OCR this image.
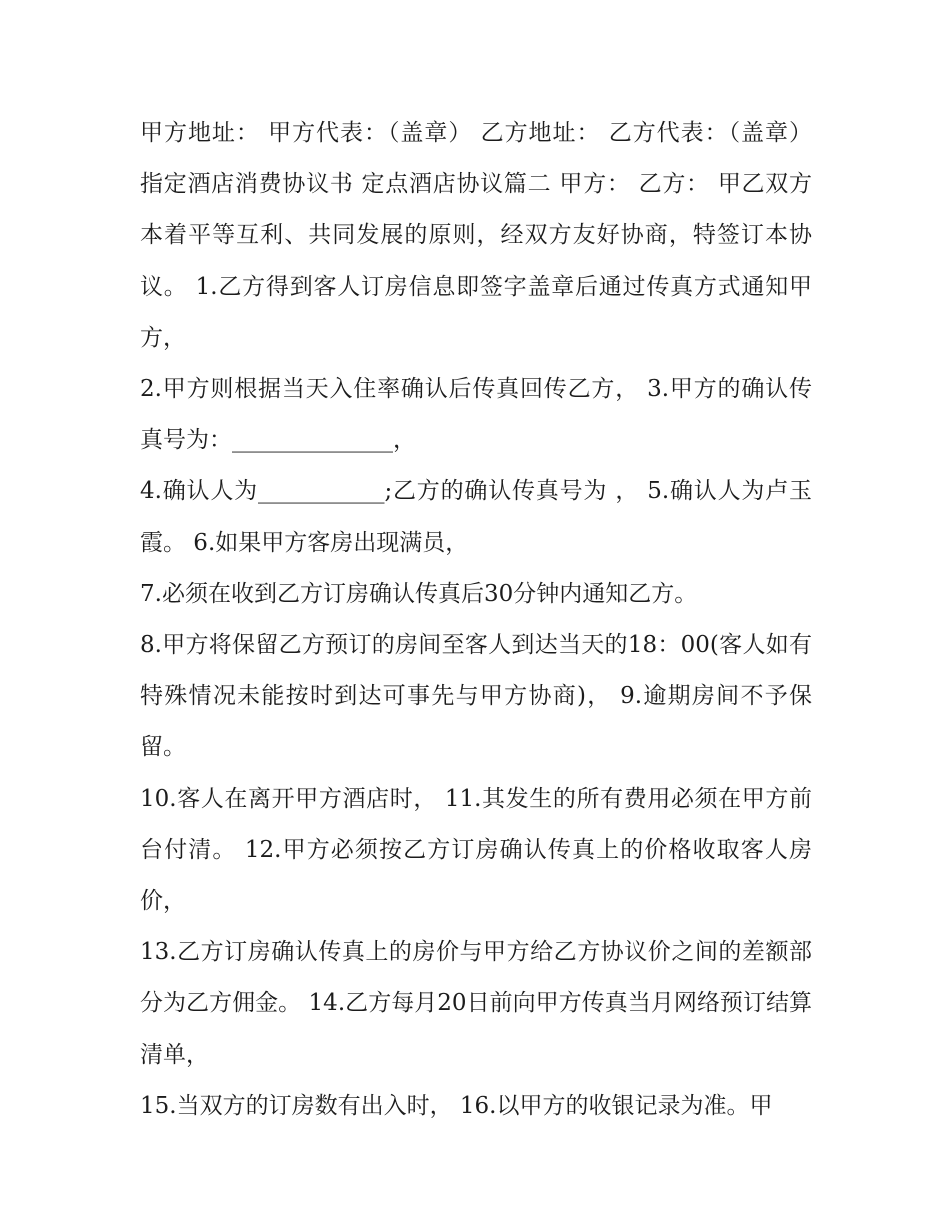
甲方地址： 甲方代表：（盖章） 乙方地址： 乙方代表：（盖章） 指定酒店消费协议书 定点酒店协议篇二 甲方： 乙方： 甲乙双方本着平等互利、共同发展的原则，经双方友好协商，特签订本协议。 1.乙方得到客人订房信息即签字盖章后通过传真方式通知甲方，

2.甲方则根据当天入住率确认后传真回传乙方， 3.甲方的确认传真号为：______________，

4.确认人为___________;乙方的确认传真号为 ， 5.确认人为卢玉霞。 6.如果甲方客房出现满员，

7.必须在收到乙方订房确认传真后30分钟内通知乙方。

8.甲方将保留乙方预订的房间至客人到达当天的18：00(客人如有特殊情况未能按时到达可事先与甲方协商)， 9.逾期房间不予保留。

10.客人在离开甲方酒店时， 11.其发生的所有费用必须在甲方前台付清。 12.甲方必须按乙方订房确认传真上的价格收取客人房价，

13.乙方订房确认传真上的房价与甲方给乙方协议价之间的差额部分为乙方佣金。 14.乙方每月20日前向甲方传真当月网络预订结算清单，

15.当双方的订房数有出入时， 16.以甲方的收银记录为准。甲
